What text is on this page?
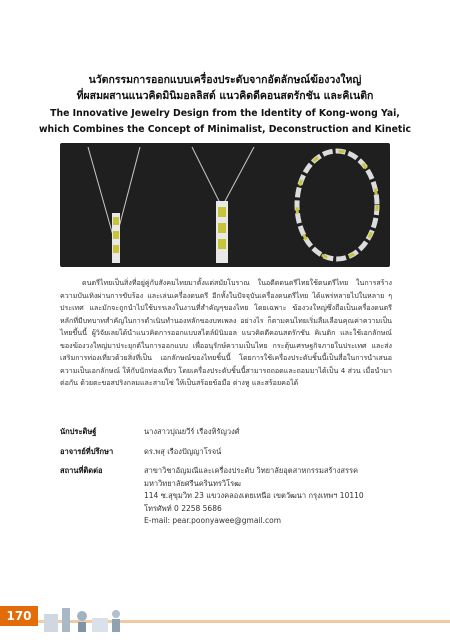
นวัตกรรมการออกแบบเครื่องประดับจากอัตลักษณ์ฆ้องวงใหญ่
ที่ผสมผสานแนวคิดมินิมอลลิสต์ แนวคิดดีคอนสตรักชัน และคิเนติก
The Innovative Jewelry Design from the Identity of Kong-wong Yai,
which Combines the Concept of Minimalist, Deconstruction and Kinetic

ดนตรีไทยเป็นสิ่งที่อยู่คู่กับสังคมไทยมาตั้งแต่สมัยโบราณ ในอดีตดนตรีไทยใช้ดนตรีไทย ในการสร้างความบันเทิงผ่านการขับร้อง และเล่นเครื่องดนตรี อีกทั้งในปัจจุบันเครื่องดนตรีไทย ได้แพร่หลายไปในหลาย ๆ ประเทศ และมักจะถูกนำไปใช้บรรเลงในงานที่สำคัญๆของไทย โดยเฉพาะ ฆ้องวงใหญ่ซึ่งถือเป็นเครื่องดนตรีหลักที่มีบทบาทสำคัญในการดำเนินทำนองหลักของบทเพลง อย่างไร ก็ตามคนไทยเริ่มลืมเลือนคุณค่าความเป็นไทยขึ้นนี้ ผู้วิจัยเลยได้นำแนวคิดการออกแบบสไตล์มินิมอล แนวคิดดีคอนสตรักชัน คิเนติก และใช้เอกลักษณ์ของฆ้องวงใหญ่มาประยุกต์ในการออกแบบ เพื่ออนุรักษ์ความเป็นไทย กระตุ้นเศรษฐกิจภายในประเทศ และส่งเสริมการท่องเที่ยวด้วยสิ่งที่เป็น เอกลักษณ์ของไทยชิ้นนี้ โดยการใช้เครื่องประดับชิ้นนี้เป็นสื่อในการนำเสนอความเป็นเอกลักษณ์ ให้กับนักท่องเที่ยว โดยเครื่องประดับชิ้นนี้สามารถถอดและถอมมาได้เป็น 4 ส่วน เมื่อนำมาต่อกัน ด้วยตะขอสปริงกลมและสายโซ่ ให้เป็นสร้อยข้อมือ ต่างหู และสร้อยคอได้

นักประดิษฐ์	นางสาวปุณยวีร์ เรืองหิรัญวงศ์
อาจารย์ที่ปรึกษา	ดร.พสุ เรืองปัญญาโรจน์
สถานที่ติดต่อ	สาขาวิชาอัญมณีและเครื่องประดับ วิทยาลัยอุตสาหกรรมสร้างสรรค
มหาวิทยาลัยศรีนครินทรวิโรฒ
114 ซ.สุขุมวิท 23 แขวงคลองเตยเหนือ เขตวัฒนา กรุงเทพฯ 10110
โทรศัพท์ 0 2258 5686
E-mail: pear.poonyawee@gmail.com
170
